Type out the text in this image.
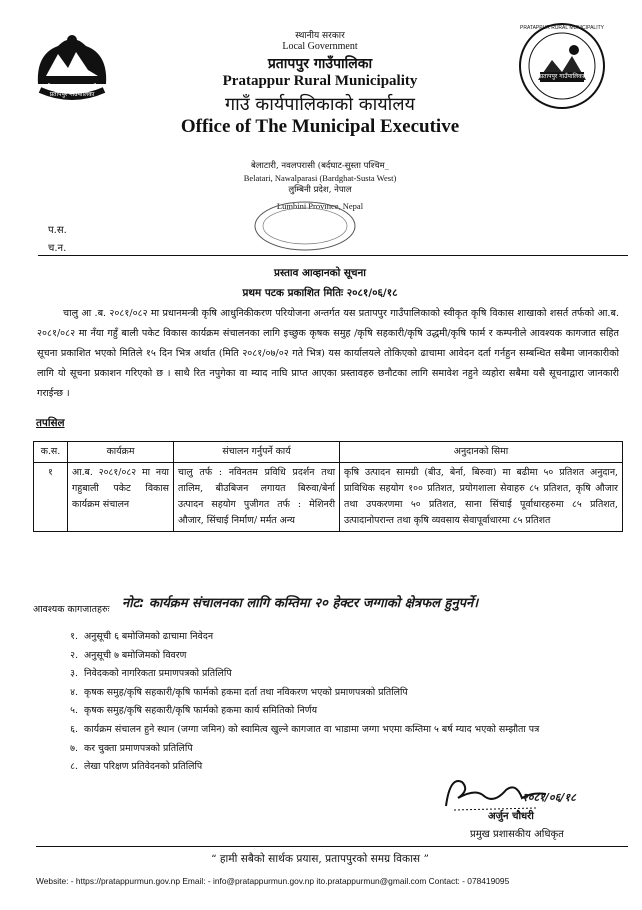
प्रतापपुर गाउँपालिका
PRATAPPUR RURAL MUNICIPALITY
प्रतापपुर गाउँपालिका
स्थानीय सरकार
Local Government
प्रतापपुर गाउँपालिका
Pratappur Rural Municipality
गाउँ कार्यपालिकाको कार्यालय
Office of The Municipal Executive
बेलाटारी, नवलपरासी (बर्दघाट-सुस्ता पश्चिम_
Belatari, Nawalparasi (Bardghat-Susta West)
लुम्बिनी प्रदेश, नेपाल
Lumbini Province, Nepal
प.स.
च.न.
प्रस्ताव आव्हानको सूचना
प्रथम पटक प्रकाशित मितिः २०८१/०६/१८
चालु आ .ब. २०८१/०८२ मा प्रधानमन्त्री कृषि आधुनिकीकरण परियोजना अन्तर्गत यस प्रतापपुर गाउँपालिकाको स्वीकृत कृषि विकास शाखाको शसर्त तर्फको आ.ब. २०८१/०८२ मा नँया गहुँ बाली पकेट विकास कार्यक्रम संचालनका लागि इच्छुक कृषक समुह /कृषि सहकारी/कृषि उद्धमी/कृषि फार्म र कम्पनीले आवश्यक कागजात सहित सूचना प्रकाशित भएको मितिले १५ दिन भित्र अर्थात (मिति २०८१/०७/०२ गते भित्र) यस कार्यालयले तोकिएको ढाचामा आवेदन दर्ता गर्नहुन सम्बन्धित सबैमा जानकारीको लागि यो सूचना प्रकाशन गरिएको छ । साथै रित नपुगेका वा म्याद नाघि प्राप्त आएका प्रस्तावहरु छनौटका लागि समावेश नहुने व्यहोरा सबैमा यसै सूचनाद्वारा जानकारी गराईन्छ ।
तपसिल
क.स.	कार्यक्रम	संचालन गर्नुपर्ने कार्य	अनुदानको सिमा
१	आ.ब. २०८१/०८२ मा नया गहुबाली पकेट विकास कार्यक्रम संचालन	चालु तर्फ : नविनतम प्रविधि प्रदर्शन तथा तालिम, बीउबिजन लगायत बिरुवा/बेर्ना उत्पादन सहयोग पुजीगत तर्फ : मेशिनरी औजार, सिंचाई निर्माण/ मर्मत अन्य	कृषि उत्पादन सामग्री (बीउ, बेर्ना, बिरुवा) मा बढीमा ५० प्रतिशत अनुदान, प्राविधिक सहयोग १०० प्रतिशत, प्रयोगशाला सेवाहरु ८५ प्रतिशत, कृषि औजार तथा उपकरणमा ५० प्रतिशत, साना सिंचाई पूर्वाधारहरुमा ८५ प्रतिशत, उत्पादानोपरान्त तथा कृषि व्यवसाय सेवापूर्वाधारमा ८५ प्रतिशत
आवश्यक कागजातहरुः नोट: कार्यक्रम संचालनका लागि कम्तिमा २० हेक्टर जग्गाको क्षेत्रफल हुनुपर्ने।
१. अनुसूची ६ बमोजिमको ढाचामा निवेदन
२. अनुसूची ७ बमोजिमको विवरण
३. निवेदकको नागरिकता प्रमाणपत्रको प्रतिलिपि
४. कृषक समुह/कृषि सहकारी/कृषि फार्मको हकमा दर्ता तथा नविकरण भएको प्रमाणपत्रको प्रतिलिपि
५. कृषक समुह/कृषि सहकारी/कृषि फार्मको हकमा कार्य समितिको निर्णय
६. कार्यक्रम संचालन हुने स्थान (जग्गा जमिन) को स्वामित्व खुल्ने कागजात वा भाडामा जग्गा भएमा कम्तिमा ५ बर्ष म्याद भएको सम्झौता पत्र
७. कर चुक्ता प्रमाणपत्रको प्रतिलिपि
८. लेखा परिक्षण प्रतिवेदनको प्रतिलिपि
२०८१/०६/१८
अर्जुन चौधरी
प्रमुख प्रशासकीय अधिकृत
“ हामी सबैको सार्थक प्रयास, प्रतापपुरको समग्र विकास ”
Website: - https://pratappurmun.gov.np Email: - info@pratappurmun.gov.np ito.pratappurmun@gmail.com Contact: - 078419095
